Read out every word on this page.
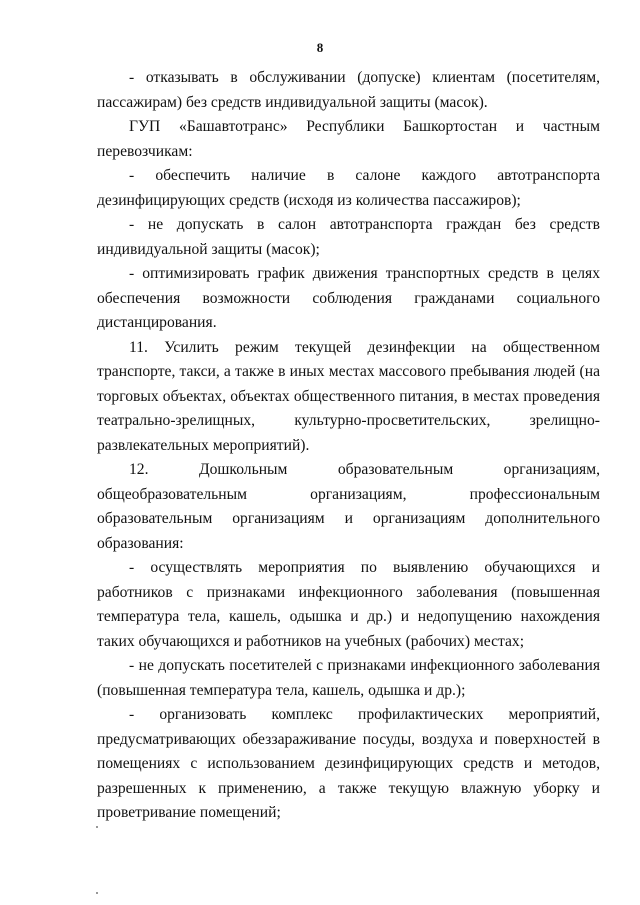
8

- отказывать в обслуживании (допуске) клиентам (посетителям, пассажирам) без средств индивидуальной защиты (масок).

ГУП «Башавтотранс» Республики Башкортостан и частным перевозчикам:

- обеспечить наличие в салоне каждого автотранспорта дезинфицирующих средств (исходя из количества пассажиров);

- не допускать в салон автотранспорта граждан без средств индивидуальной защиты (масок);

- оптимизировать график движения транспортных средств в целях обеспечения возможности соблюдения гражданами социального дистанцирования.

11. Усилить режим текущей дезинфекции на общественном транспорте, такси, а также в иных местах массового пребывания людей (на торговых объектах, объектах общественного питания, в местах проведения театрально-зрелищных, культурно-просветительских, зрелищно-развлекательных мероприятий).

12. Дошкольным образовательным организациям, общеобразовательным организациям, профессиональным образовательным организациям и организациям дополнительного образования:

- осуществлять мероприятия по выявлению обучающихся и работников с признаками инфекционного заболевания (повышенная температура тела, кашель, одышка и др.) и недопущению нахождения таких обучающихся и работников на учебных (рабочих) местах;

- не допускать посетителей с признаками инфекционного заболевания (повышенная температура тела, кашель, одышка и др.);

- организовать комплекс профилактических мероприятий, предусматривающих обеззараживание посуды, воздуха и поверхностей в помещениях с использованием дезинфицирующих средств и методов, разрешенных к применению, а также текущую влажную уборку и проветривание помещений;
